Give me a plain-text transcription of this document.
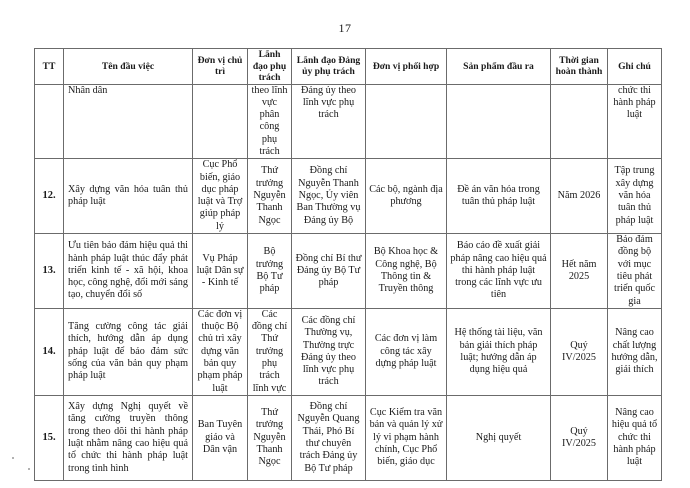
17
TT	Tên đầu việc	Đơn vị chủ trì	Lãnh đạo phụ trách	Lãnh đạo Đảng ủy phụ trách	Đơn vị phối hợp	Sản phẩm đầu ra	Thời gian hoàn thành	Ghi chú
	Nhân dân		theo lĩnh vực phân công phụ trách	Đảng ủy theo lĩnh vực phụ trách				chức thi hành pháp luật
12.	Xây dựng văn hóa tuân thủ pháp luật	Cục Phổ biến, giáo dục pháp luật và Trợ giúp pháp lý	Thứ trưởng Nguyễn Thanh Ngọc	Đồng chí Nguyễn Thanh Ngọc, Ủy viên Ban Thường vụ Đảng ủy Bộ	Các bộ, ngành địa phương	Đề án văn hóa trong tuân thủ pháp luật	Năm 2026	Tập trung xây dựng văn hóa tuân thủ pháp luật
13.	Ưu tiên bảo đảm hiệu quả thi hành pháp luật thúc đẩy phát triển kinh tế - xã hội, khoa học, công nghệ, đổi mới sáng tạo, chuyển đổi số	Vụ Pháp luật Dân sự - Kinh tế	Bộ trưởng Bộ Tư pháp	Đồng chí Bí thư Đảng ủy Bộ Tư pháp	Bộ Khoa học & Công nghệ, Bộ Thông tin & Truyền thông	Báo cáo đề xuất giải pháp nâng cao hiệu quả thi hành pháp luật trong các lĩnh vực ưu tiên	Hết năm 2025	Bảo đảm đồng bộ với mục tiêu phát triển quốc gia
14.	Tăng cường công tác giải thích, hướng dẫn áp dụng pháp luật để bảo đảm sức sống của văn bản quy phạm pháp luật	Các đơn vị thuộc Bộ chủ trì xây dựng văn bản quy phạm pháp luật	Các đồng chí Thứ trưởng phụ trách lĩnh vực	Các đồng chí Thường vụ, Thường trực Đảng ủy theo lĩnh vực phụ trách	Các đơn vị làm công tác xây dựng pháp luật	Hệ thống tài liệu, văn bản giải thích pháp luật; hướng dẫn áp dụng hiệu quả	Quý IV/2025	Nâng cao chất lượng hướng dẫn, giải thích
15.	Xây dựng Nghị quyết về tăng cường truyền thông trong theo dõi thi hành pháp luật nhằm nâng cao hiệu quả tổ chức thi hành pháp luật trong tình hình	Ban Tuyên giáo và Dân vận	Thứ trưởng Nguyễn Thanh Ngọc	Đồng chí Nguyễn Quang Thái, Phó Bí thư chuyên trách Đảng ủy Bộ Tư pháp	Cục Kiểm tra văn bản và quản lý xử lý vi phạm hành chính, Cục Phổ biến, giáo dục	Nghị quyết	Quý IV/2025	Nâng cao hiệu quả tổ chức thi hành pháp luật
